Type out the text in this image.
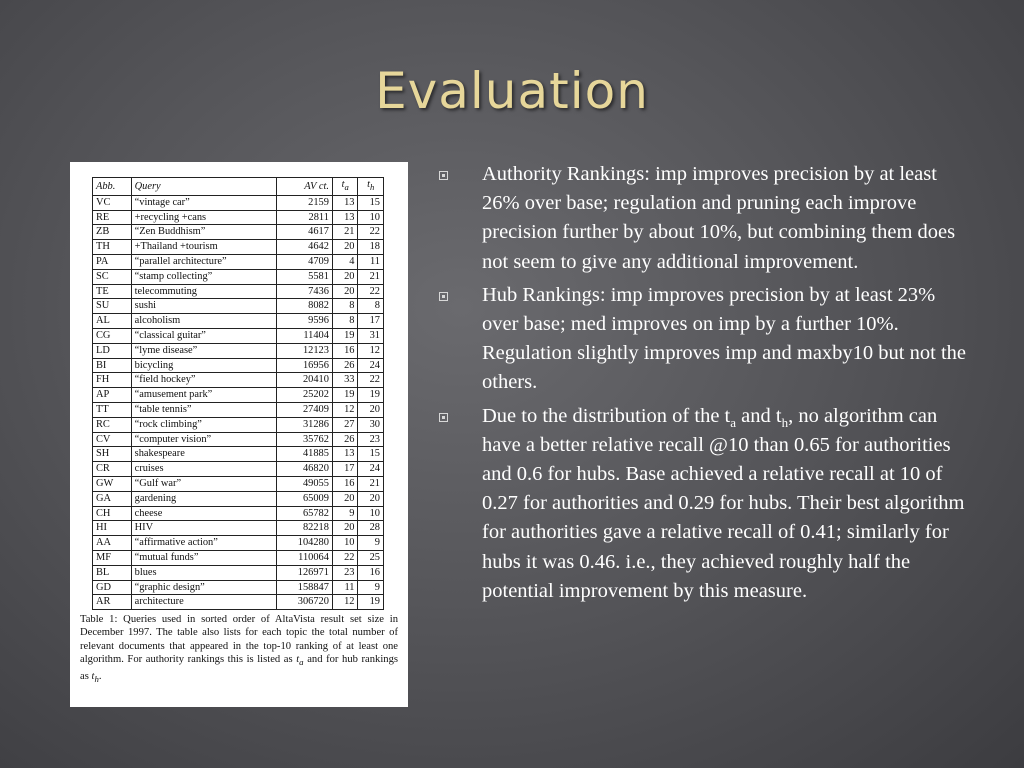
Evaluation
Abb.	Query	AV ct.	$t_a$	$t_h$
VC	“vintage car”	2159	13	15
RE	+recycling +cans	2811	13	10
ZB	“Zen Buddhism”	4617	21	22
TH	+Thailand +tourism	4642	20	18
PA	“parallel architecture”	4709	4	11
SC	“stamp collecting”	5581	20	21
TE	telecommuting	7436	20	22
SU	sushi	8082	8	8
AL	alcoholism	9596	8	17
CG	“classical guitar”	11404	19	31
LD	“lyme disease”	12123	16	12
BI	bicycling	16956	26	24
FH	“field hockey”	20410	33	22
AP	“amusement park”	25202	19	19
TT	“table tennis”	27409	12	20
RC	“rock climbing”	31286	27	30
CV	“computer vision”	35762	26	23
SH	shakespeare	41885	13	15
CR	cruises	46820	17	24
GW	“Gulf war”	49055	16	21
GA	gardening	65009	20	20
CH	cheese	65782	9	10
HI	HIV	82218	20	28
AA	“affirmative action”	104280	10	9
MF	“mutual funds”	110064	22	25
BL	blues	126971	23	16
GD	“graphic design”	158847	11	9
AR	architecture	306720	12	19

Table 1: Queries used in sorted order of AltaVista result set size in December 1997. The table also lists for each topic the total number of relevant documents that appeared in the top-10 ranking of at least one algorithm. For authority rankings this is listed as $t_a$ and for hub rankings as $t_h$.

Authority Rankings: imp improves precision by at least 26% over base; regulation and pruning each improve precision further by about 10%, but combining them does not seem to give any additional improvement.
Hub Rankings: imp improves precision by at least 23% over base; med improves on imp by a further 10%. Regulation slightly improves imp and maxby10 but not the others.
Due to the distribution of the $t_a$ and $t_h$, no algorithm can have a better relative recall @10 than 0.65 for authorities and 0.6 for hubs. Base achieved a relative recall at 10 of 0.27 for authorities and 0.29 for hubs. Their best algorithm for authorities gave a relative recall of 0.41; similarly for hubs it was 0.46. i.e., they achieved roughly half the potential improvement by this measure.
